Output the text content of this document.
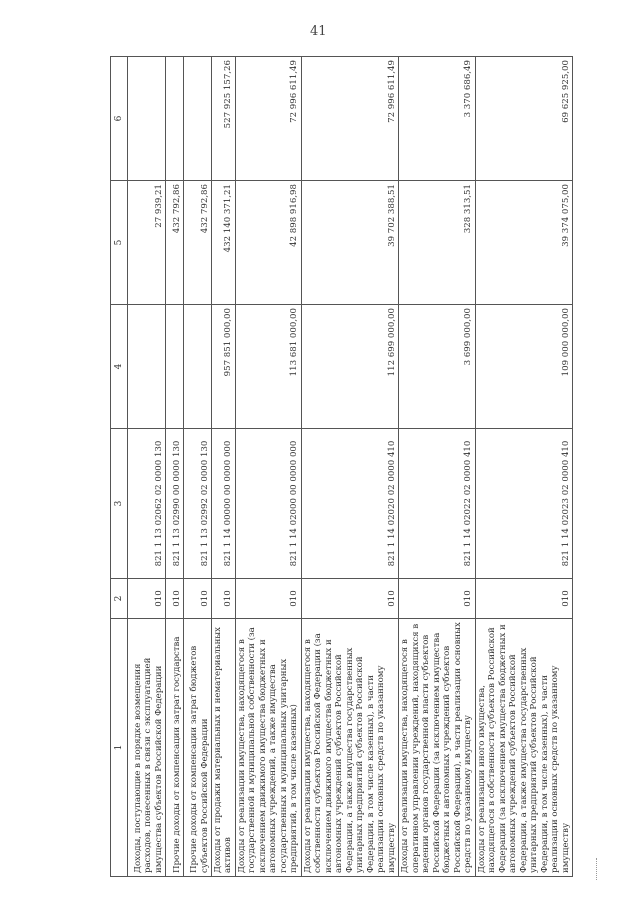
41
1	2	3	4	5	6
Доходы, поступающие в порядке возмещения расходов, понесенных в связи с эксплуатацией имущества субъектов Российской Федерации	010	821 1 13 02062 02 0000 130		27 939,21	
Прочие доходы от компенсации затрат государства	010	821 1 13 02990 00 0000 130		432 792,86	
Прочие доходы от компенсации затрат бюджетов субъектов Российской Федерации	010	821 1 13 02992 02 0000 130		432 792,86	
Доходы от продажи материальных и нематериальных активов	010	821 1 14 00000 00 0000 000	957 851 000,00	432 140 371,21	527 925 157,26
Доходы от реализации имущества, находящегося в государственной и муниципальной собственности (за исключением движимого имущества бюджетных и автономных учреждений, а также имущества государственных и муниципальных унитарных предприятий, в том числе казенных)	010	821 1 14 02000 00 0000 000	113 681 000,00	42 898 916,98	72 996 611,49
Доходы от реализации имущества, находящегося в собственности субъектов Российской Федерации (за исключением движимого имущества бюджетных и автономных учреждений субъектов Российской Федерации, а также имущества государственных унитарных предприятий субъектов Российской Федерации, в том числе казенных), в части реализации основных средств по указанному имуществу	010	821 1 14 02020 02 0000 410	112 699 000,00	39 702 388,51	72 996 611,49
Доходы от реализации имущества, находящегося в оперативном управлении учреждений, находящихся в ведении органов государственной власти субъектов Российской Федерации (за исключением имущества бюджетных и автономных учреждений субъектов Российской Федерации), в части реализации основных средств по указанному имуществу	010	821 1 14 02022 02 0000 410	3 699 000,00	328 313,51	3 370 686,49
Доходы от реализации иного имущества, находящегося в собственности субъектов Российской Федерации (за исключением имущества бюджетных и автономных учреждений субъектов Российской Федерации, а также имущества государственных унитарных предприятий субъектов Российской Федерации, в том числе казенных), в части реализации основных средств по указанному имуществу	010	821 1 14 02023 02 0000 410	109 000 000,00	39 374 075,00	69 625 925,00
